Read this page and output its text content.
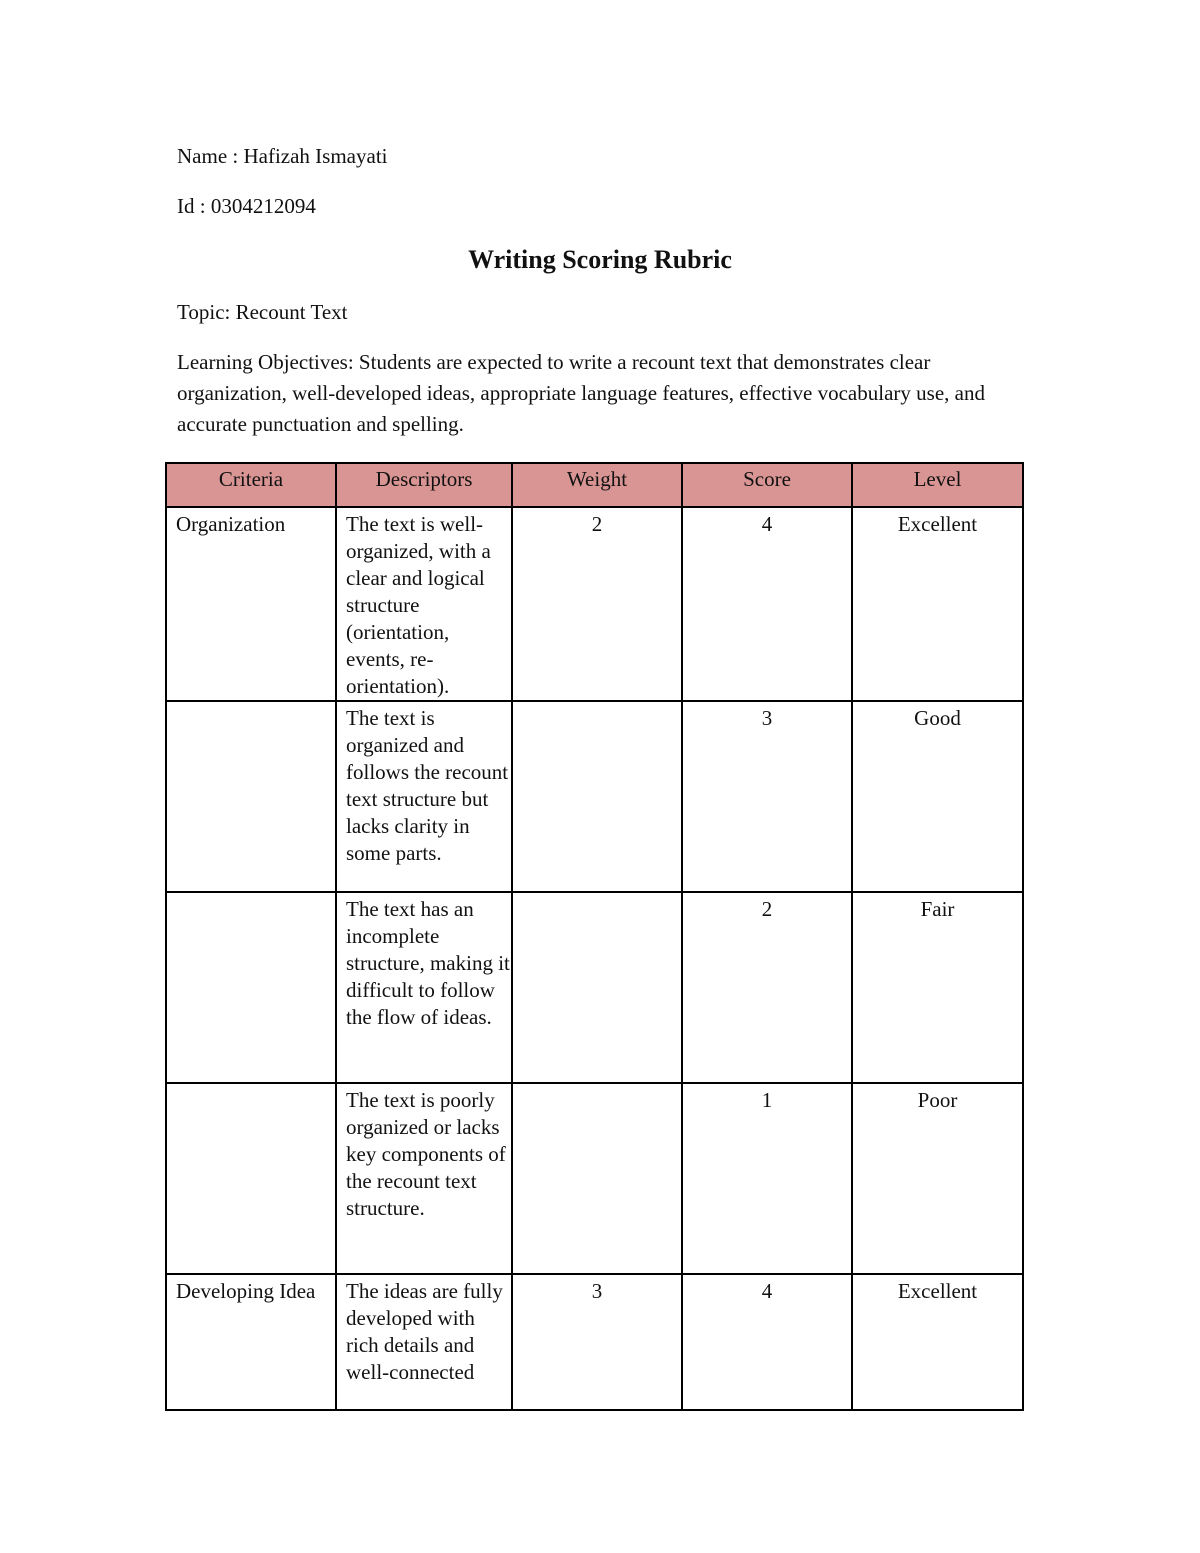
Name : Hafizah Ismayati
Id : 0304212094
Writing Scoring Rubric
Topic: Recount Text
Learning Objectives: Students are expected to write a recount text that demonstrates clear organization, well-developed ideas, appropriate language features, effective vocabulary use, and accurate punctuation and spelling.
Criteria	Descriptors	Weight	Score	Level
Organization	The text is well-organized, with a clear and logical structure (orientation, events, re-orientation).	2	4	Excellent
	The text is organized and follows the recount text structure but lacks clarity in some parts.		3	Good
	The text has an incomplete structure, making it difficult to follow the flow of ideas.		2	Fair
	The text is poorly organized or lacks key components of the recount text structure.		1	Poor
Developing Idea	The ideas are fully developed with rich details and well-connected	3	4	Excellent
